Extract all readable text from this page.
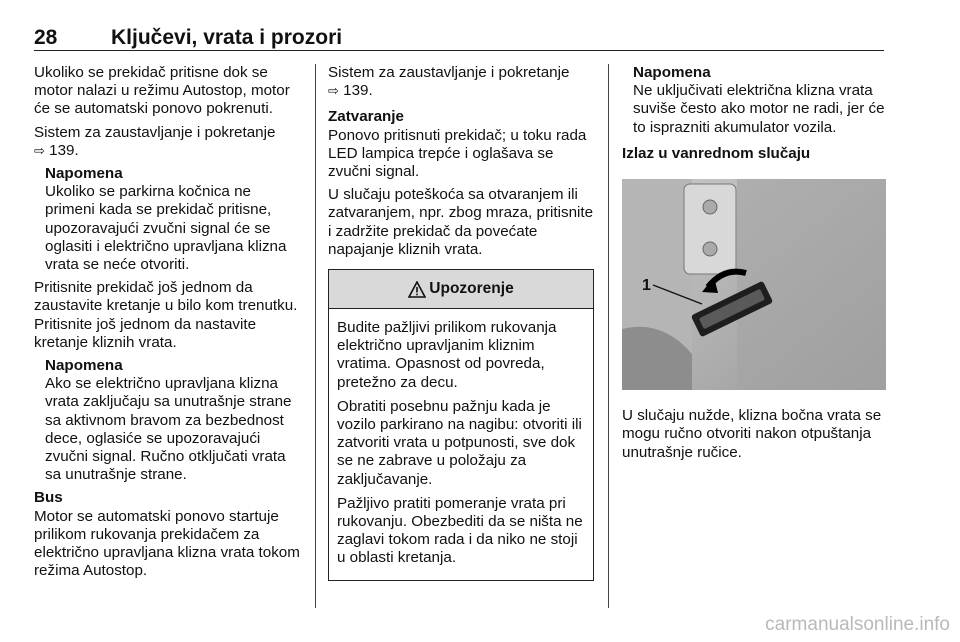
28	Ključevi, vrata i prozori

Ukoliko se prekidač pritisne dok se motor nalazi u režimu Autostop, motor će se automatski ponovo pokrenuti.

Sistem za zaustavljanje i pokretanje
⇨ 139.

Napomena
Ukoliko se parkirna kočnica ne primeni kada se prekidač pritisne, upozoravajući zvučni signal će se oglasiti i električno upravljana klizna vrata se neće otvoriti.

Pritisnite prekidač još jednom da zaustavite kretanje u bilo kom trenutku. Pritisnite još jednom da nastavite kretanje kliznih vrata.

Napomena
Ako se električno upravljana klizna vrata zaključaju sa unutrašnje strane sa aktivnom bravom za bezbednost dece, oglasiće se upozoravajući zvučni signal. Ručno otključati vrata sa unutrašnje strane.
Bus

Motor se automatski ponovo startuje prilikom rukovanja prekidačem za električno upravljana klizna vrata tokom režima Autostop.

Sistem za zaustavljanje i pokretanje
⇨ 139.

Zatvaranje

Ponovo pritisnuti prekidač; u toku rada LED lampica trepće i oglašava se zvučni signal.

U slučaju poteškoća sa otvaranjem ili zatvaranjem, npr. zbog mraza, pritisnite i zadržite prekidač da povećate napajanje kliznih vrata.

Upozorenje

Budite pažljivi prilikom rukovanja električno upravljanim kliznim vratima. Opasnost od povreda, pretežno za decu.

Obratiti posebnu pažnju kada je vozilo parkirano na nagibu: otvoriti ili zatvoriti vrata u potpunosti, sve dok se ne zabrave u položaju za zaključavanje.

Pažljivo pratiti pomeranje vrata pri rukovanju. Obezbediti da se ništa ne zaglavi tokom rada i da niko ne stoji u oblasti kretanja.

Napomena
Ne uključivati električna klizna vrata suviše često ako motor ne radi, jer će to isprazniti akumulator vozila.
Izlaz u vanrednom slučaju
1

U slučaju nužde, klizna bočna vrata se mogu ručno otvoriti nakon otpuštanja unutrašnje ručice.

carmanualsonline.info
